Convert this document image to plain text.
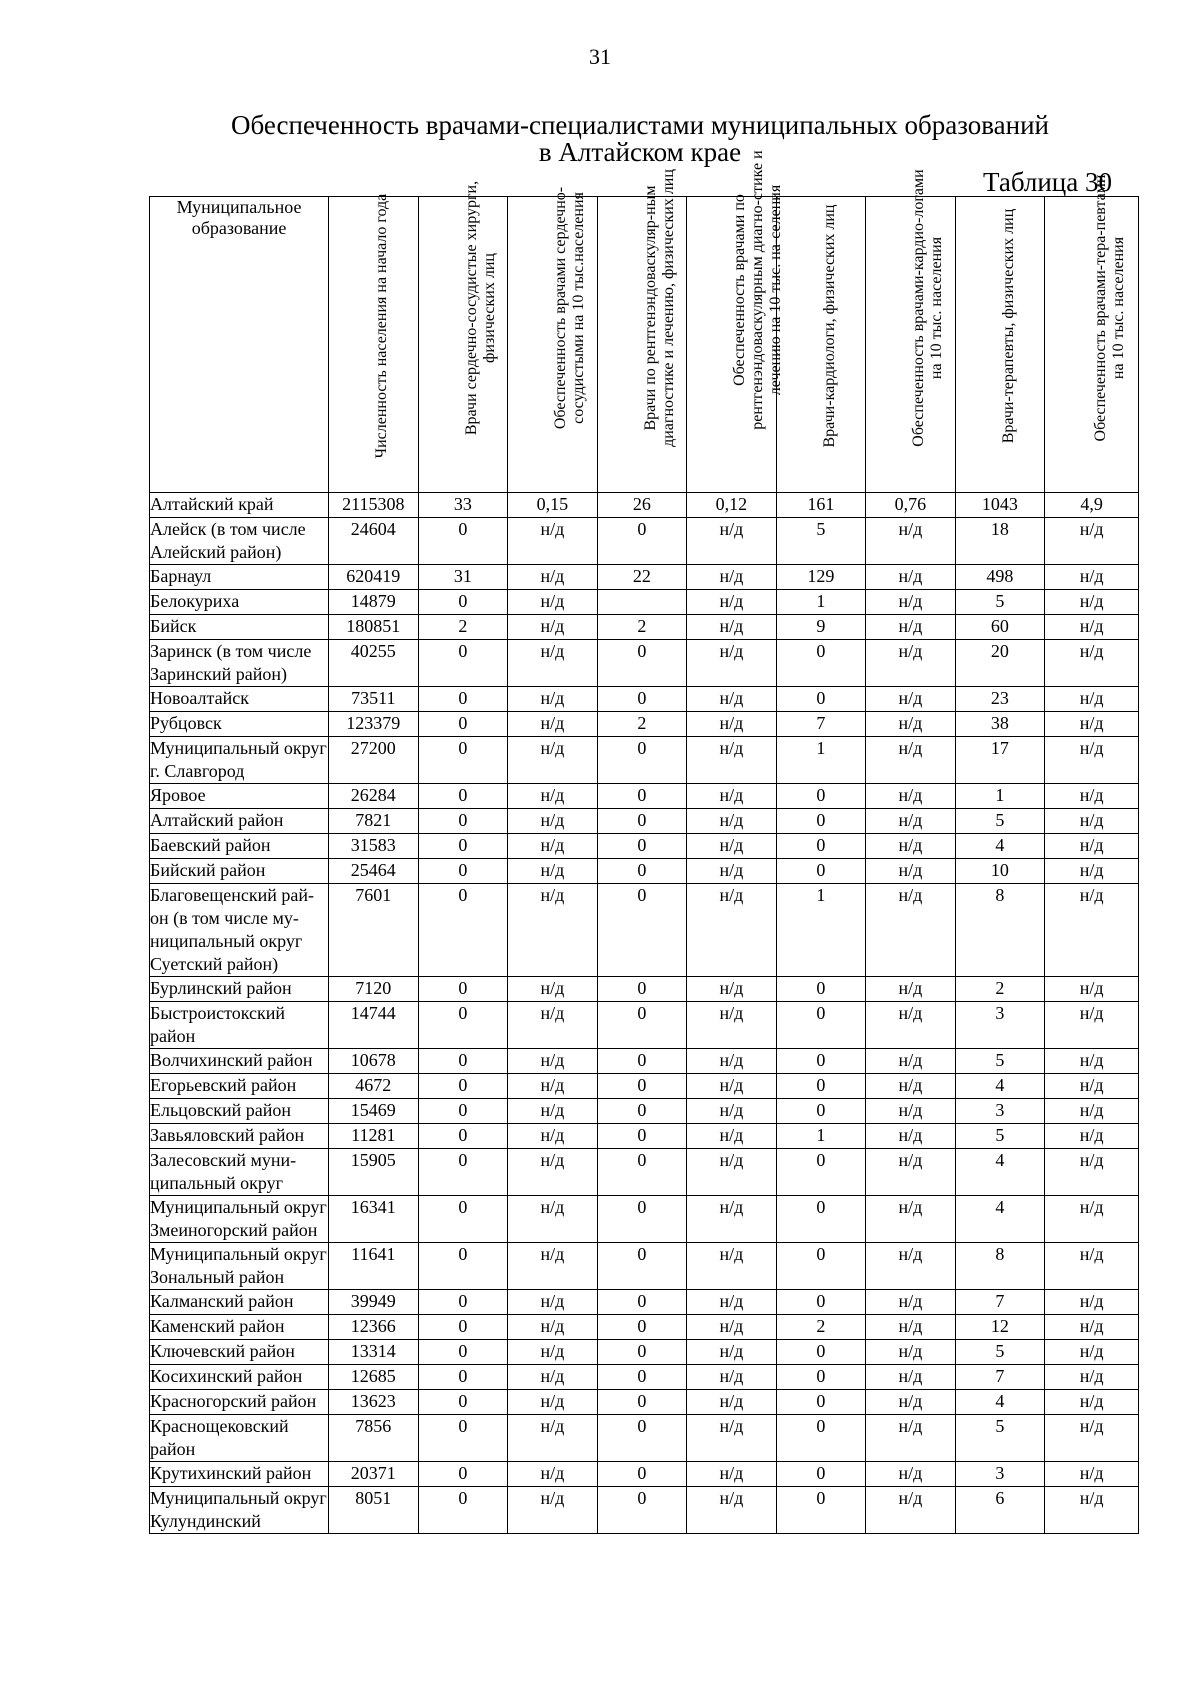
31
Обеспеченность врачами-специалистами муниципальных образований
в Алтайском крае
Таблица 30
Муниципальное образование	Численность населения на начало года	Врачи сердечно-сосудистые хирурги, физических лиц	Обеспеченность врачами сердечно-сосудистыми на 10 тыс.населения	Врачи по рентгенэндоваскуляр-ным диагностике и лечению, физических лиц	Обеспеченность врачами по рентгенэндоваскулярным диагно-стике и лечению на 10 тыс. на-селения	Врачи-кардиологи, физических лиц	Обеспеченность врачами-кардио-логами на 10 тыс. населения	Врачи-терапевты, физических лиц	Обеспеченность врачами-тера-певтами на 10 тыс. населения

Алтайский край	2115308	33	0,15	26	0,12	161	0,76	1043	4,9
Алейск (в том числе Алейский район)	24604	0	н/д	0	н/д	5	н/д	18	н/д
Барнаул	620419	31	н/д	22	н/д	129	н/д	498	н/д
Белокуриха	14879	0	н/д		н/д	1	н/д	5	н/д
Бийск	180851	2	н/д	2	н/д	9	н/д	60	н/д
Заринск (в том числе Заринский район)	40255	0	н/д	0	н/д	0	н/д	20	н/д
Новоалтайск	73511	0	н/д	0	н/д	0	н/д	23	н/д
Рубцовск	123379	0	н/д	2	н/д	7	н/д	38	н/д
Муниципальный округ г. Славгород	27200	0	н/д	0	н/д	1	н/д	17	н/д
Яровое	26284	0	н/д	0	н/д	0	н/д	1	н/д
Алтайский район	7821	0	н/д	0	н/д	0	н/д	5	н/д
Баевский район	31583	0	н/д	0	н/д	0	н/д	4	н/д
Бийский район	25464	0	н/д	0	н/д	0	н/д	10	н/д
Благовещенский рай-он (в том числе му-ниципальный округ Суетский район)	7601	0	н/д	0	н/д	1	н/д	8	н/д
Бурлинский район	7120	0	н/д	0	н/д	0	н/д	2	н/д
Быстроистокский район	14744	0	н/д	0	н/д	0	н/д	3	н/д
Волчихинский район	10678	0	н/д	0	н/д	0	н/д	5	н/д
Егорьевский район	4672	0	н/д	0	н/д	0	н/д	4	н/д
Ельцовский район	15469	0	н/д	0	н/д	0	н/д	3	н/д
Завьяловский район	11281	0	н/д	0	н/д	1	н/д	5	н/д
Залесовский муни-ципальный округ	15905	0	н/д	0	н/д	0	н/д	4	н/д
Муниципальный округ Змеиногорский район	16341	0	н/д	0	н/д	0	н/д	4	н/д
Муниципальный округ Зональный район	11641	0	н/д	0	н/д	0	н/д	8	н/д
Калманский район	39949	0	н/д	0	н/д	0	н/д	7	н/д
Каменский район	12366	0	н/д	0	н/д	2	н/д	12	н/д
Ключевский район	13314	0	н/д	0	н/д	0	н/д	5	н/д
Косихинский район	12685	0	н/д	0	н/д	0	н/д	7	н/д
Красногорский район	13623	0	н/д	0	н/д	0	н/д	4	н/д
Краснощековский район	7856	0	н/д	0	н/д	0	н/д	5	н/д
Крутихинский район	20371	0	н/д	0	н/д	0	н/д	3	н/д
Муниципальный округ Кулундинский	8051	0	н/д	0	н/д	0	н/д	6	н/д
